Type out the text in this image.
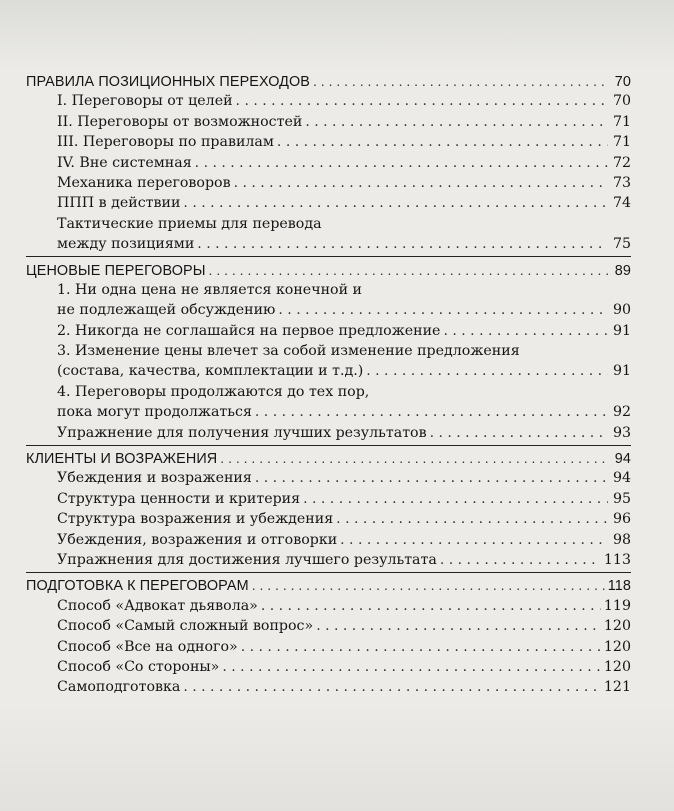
ПРАВИЛА ПОЗИЦИОННЫХ ПЕРЕХОДОВ . . .	70
I. Переговоры от целей . . .	70
II. Переговоры от возможностей . . .	71
III. Переговоры по правилам . . .	71
IV. Вне системная . . .	72
Механика переговоров . . .	73
ППП в действии . . .	74
Тактические приемы для перевода
между позициями . . .	75
ЦЕНОВЫЕ ПЕРЕГОВОРЫ . . .	89
1. Ни одна цена не является конечной и
не подлежащей обсуждению . . .	90
2. Никогда не соглашайся на первое предложение . . .	91
3. Изменение цены влечет за собой изменение предложения
(состава, качества, комплектации и т.д.) . . .	91
4. Переговоры продолжаются до тех пор,
пока могут продолжаться . . .	92
Упражнение для получения лучших результатов . . .	93
КЛИЕНТЫ И ВОЗРАЖЕНИЯ . . .	94
Убеждения и возражения . . .	94
Структура ценности и критерия . . .	95
Структура возражения и убеждения . . .	96
Убеждения, возражения и отговорки . . .	98
Упражнения для достижения лучшего результата . . .	113
ПОДГОТОВКА К ПЕРЕГОВОРАМ . . .	118
Способ «Адвокат дьявола» . . .	119
Способ «Самый сложный вопрос» . . .	120
Способ «Все на одного» . . .	120
Способ «Со стороны» . . .	120
Самоподготовка . . .	121
